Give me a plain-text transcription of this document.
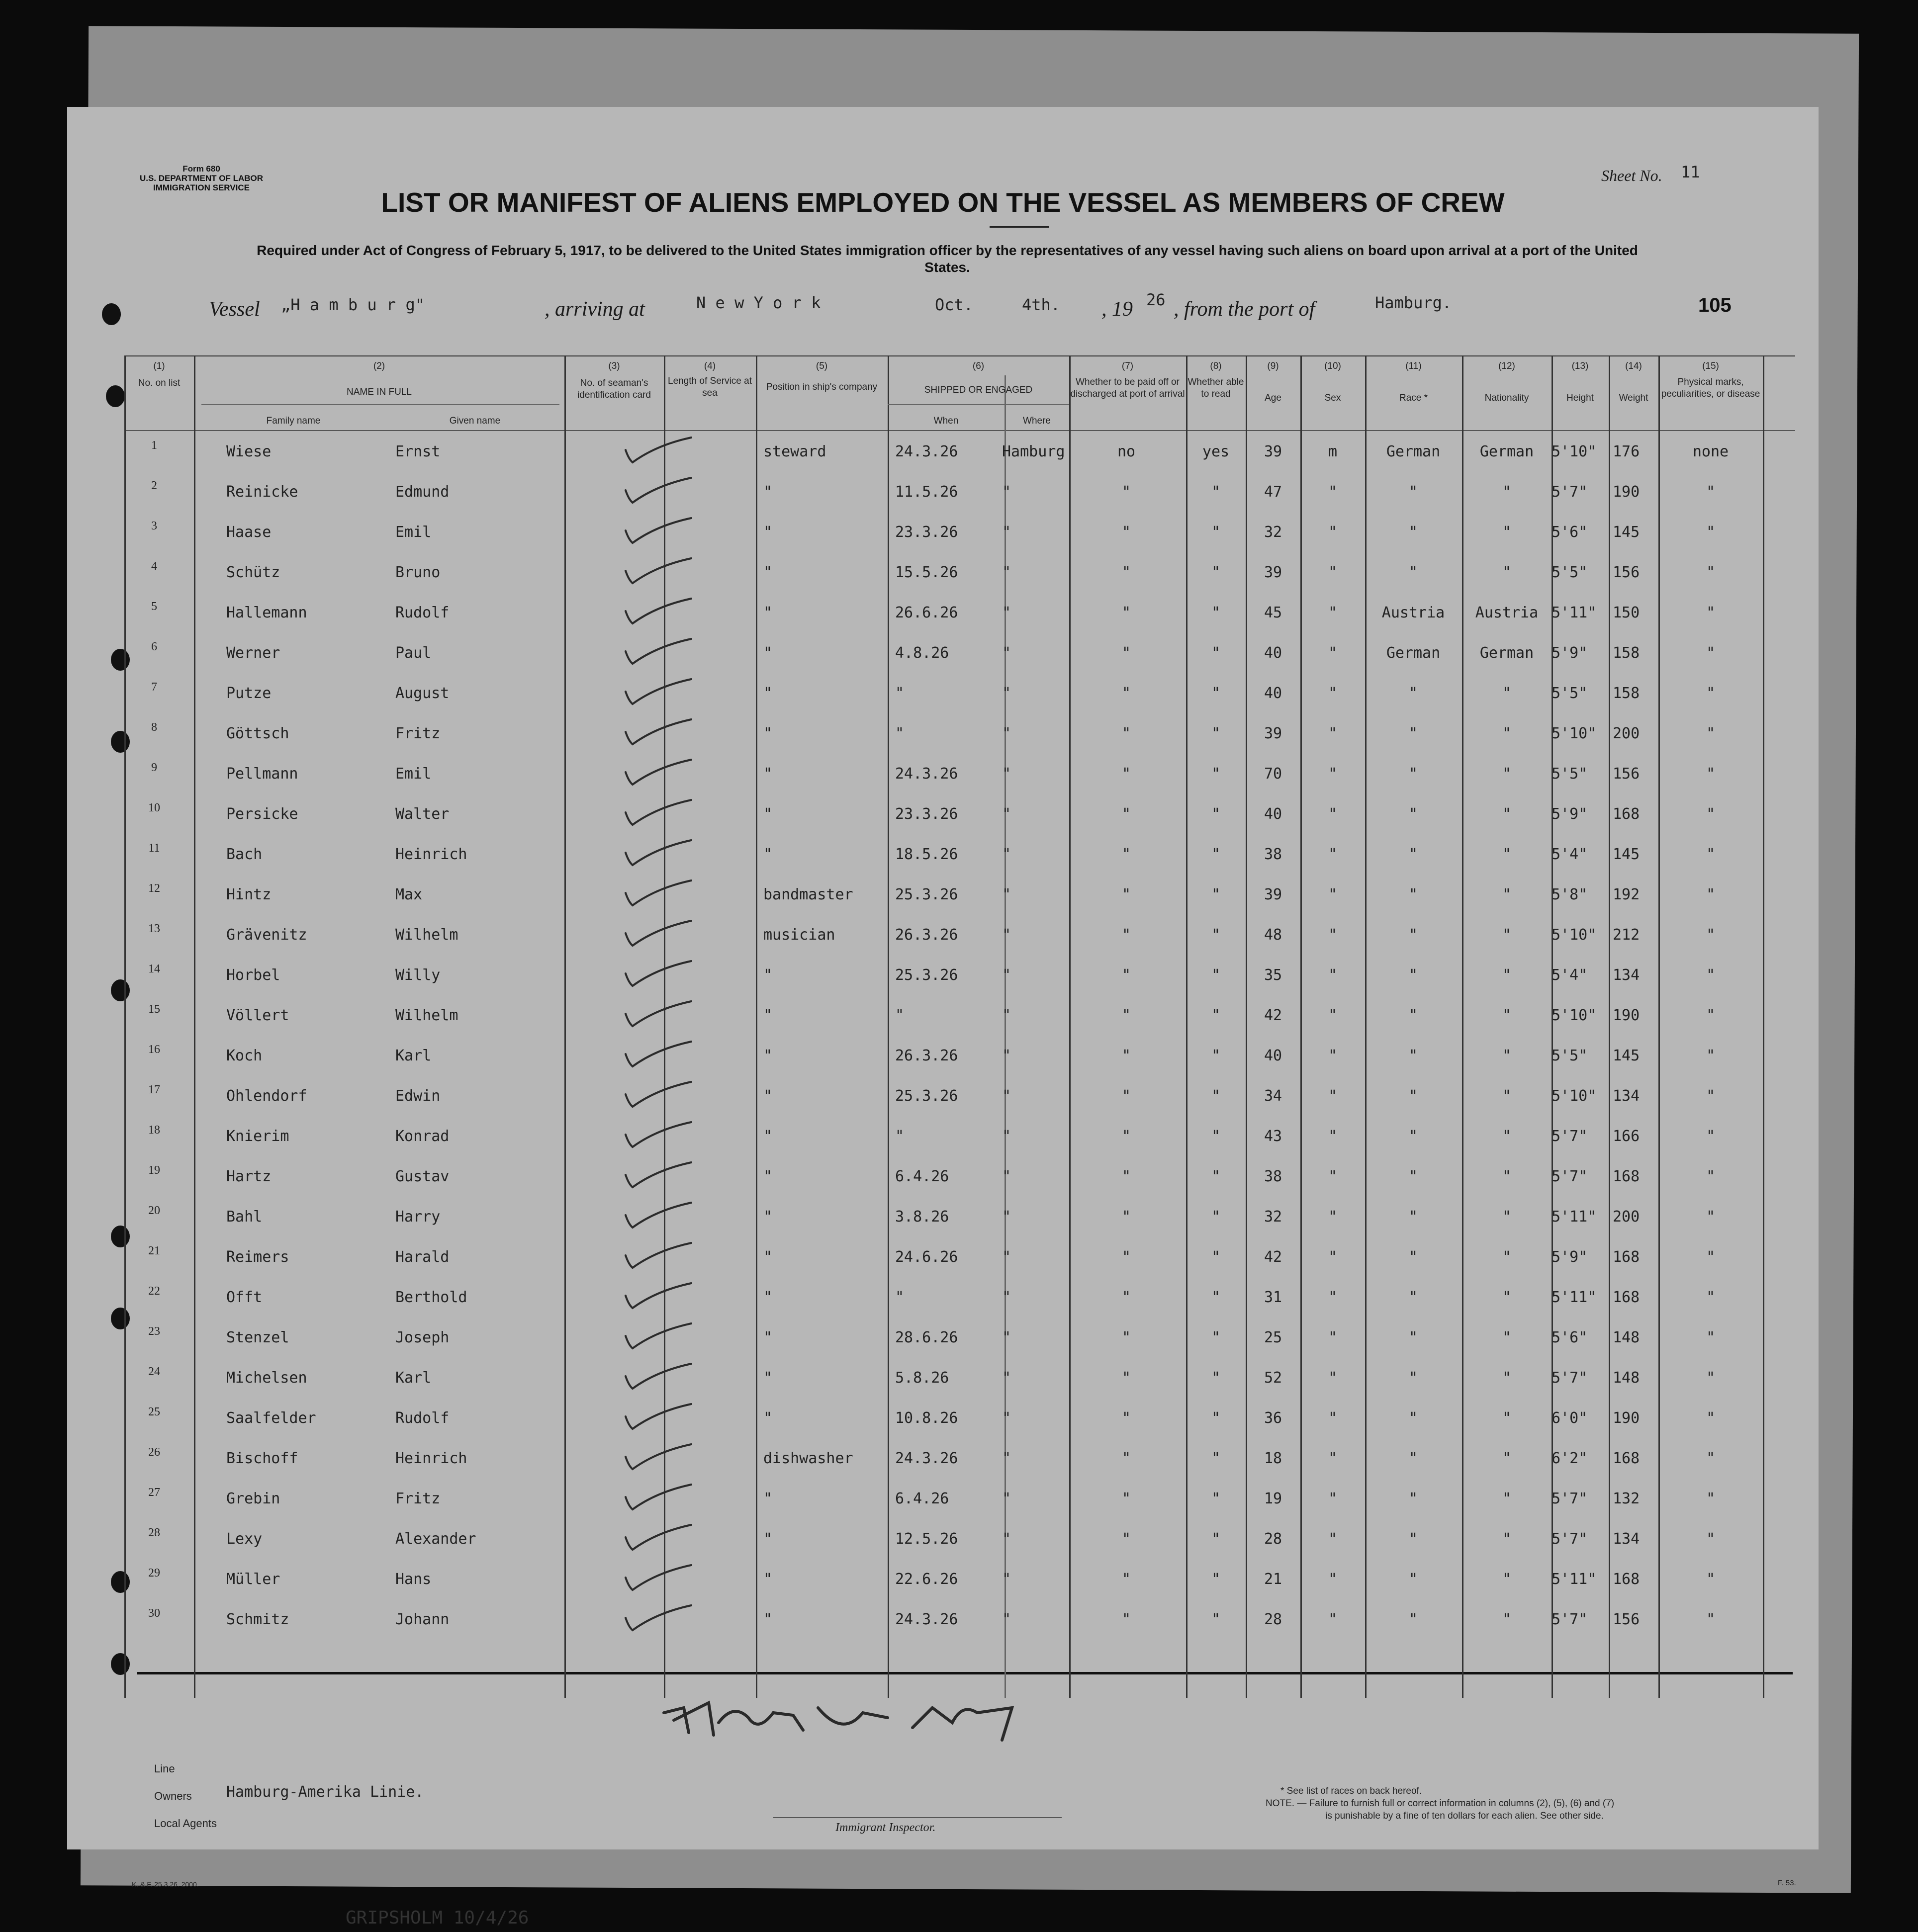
Form 680
U.S. DEPARTMENT OF LABOR
IMMIGRATION SERVICE
Sheet No. 11
LIST OR MANIFEST OF ALIENS EMPLOYED ON THE VESSEL AS MEMBERS OF CREW
Required under Act of Congress of February 5, 1917, to be delivered to the United States immigration officer by the representatives of any vessel having such aliens on board upon arrival at a port of the United States.
Vessel „H a m b u r g"	, arriving at	N e w Y o r k	Oct.	4th. , 19 26 , from the port of	Hamburg.	105
(1)
No. on list
(2)
NAME IN FULL
Family name	Given name
(3)
No. of seaman's identification card
(4)
Length of Service at sea
(5)
Position in ship's company
(6)
SHIPPED OR ENGAGED
When	Where
(7)
Whether to be paid off or discharged at port of arrival
(8)
Whether able to read
(9)
Age
(10)
Sex
(11)
Race *
(12)
Nationality
(13)
Height
(14)
Weight
(15)
Physical marks, peculiarities, or disease
1	Wiese	Ernst	steward	24.3.26	Hamburg	no	yes	39	m	German	German	5'10" 176	none
2	Reinicke	Edmund	"	11.5.26	"	"	"	47	"	"	"	5'7" 190	"
3	Haase	Emil	"	23.3.26	"	"	"	32	"	"	"	5'6" 145	"
4	Schütz	Bruno	"	15.5.26	"	"	"	39	"	"	"	5'5" 156	"
5	Hallemann	Rudolf	"	26.6.26	"	"	"	45	"	Austria	Austria 5'11" 150	"
6	Werner	Paul	"	4.8.26	"	"	"	40	"	German	German	5'9" 158	"
7	Putze	August	"	"	"	"	"	40	"	"	"	5'5" 158	"
8	Göttsch	Fritz	"	"	"	"	"	39	"	"	"	5'10" 200	"
9	Pellmann	Emil	"	24.3.26	"	"	"	70	"	"	"	5'5" 156	"
10	Persicke	Walter	"	23.3.26	"	"	"	40	"	"	"	5'9" 168	"
11	Bach	Heinrich	"	18.5.26	"	"	"	38	"	"	"	5'4" 145	"
12	Hintz	Max	bandmaster	25.3.26	"	"	"	39	"	"	"	5'8" 192	"
13	Grävenitz	Wilhelm	musician	26.3.26	"	"	"	48	"	"	"	5'10" 212	"
14	Horbel	Willy	"	25.3.26	"	"	"	35	"	"	"	5'4" 134	"
15	Völlert	Wilhelm	"	"	"	"	"	42	"	"	"	5'10" 190	"
16	Koch	Karl	"	26.3.26	"	"	"	40	"	"	"	5'5" 145	"
17	Ohlendorf	Edwin	"	25.3.26	"	"	"	34	"	"	"	5'10" 134	"
18	Knierim	Konrad	"	"	"	"	"	43	"	"	"	5'7" 166	"
19	Hartz	Gustav	"	6.4.26	"	"	"	38	"	"	"	5'7" 168	"
20	Bahl	Harry	"	3.8.26	"	"	"	32	"	"	"	5'11" 200	"
21	Reimers	Harald	"	24.6.26	"	"	"	42	"	"	"	5'9" 168	"
22	Offt	Berthold	"	"	"	"	"	31	"	"	"	5'11" 168	"
23	Stenzel	Joseph	"	28.6.26	"	"	"	25	"	"	"	5'6" 148	"
24	Michelsen	Karl	"	5.8.26	"	"	"	52	"	"	"	5'7" 148	"
25	Saalfelder	Rudolf	"	10.8.26	"	"	"	36	"	"	"	6'0" 190	"
26	Bischoff	Heinrich	dishwasher	24.3.26	"	"	"	18	"	"	"	6'2" 168	"
27	Grebin	Fritz	"	6.4.26	"	"	"	19	"	"	"	5'7" 132	"
28	Lexy	Alexander	"	12.5.26	"	"	"	28	"	"	"	5'7" 134	"
29	Müller	Hans	"	22.6.26	"	"	"	21	"	"	"	5'11" 168	"
30	Schmitz	Johann	"	24.3.26	"	"	"	28	"	"	"	5'7" 156	"
Line
Owners Hamburg-Amerika Linie.
Local Agents	Immigrant Inspector.
* See list of races on back hereof.
NOTE. — Failure to furnish full or correct information in columns (2), (5), (6) and (7)
is punishable by a fine of ten dollars for each alien. See other side.
K. & F. 25.3.26. 2000.	F. 53.
GRIPSHOLM 10/4/26
